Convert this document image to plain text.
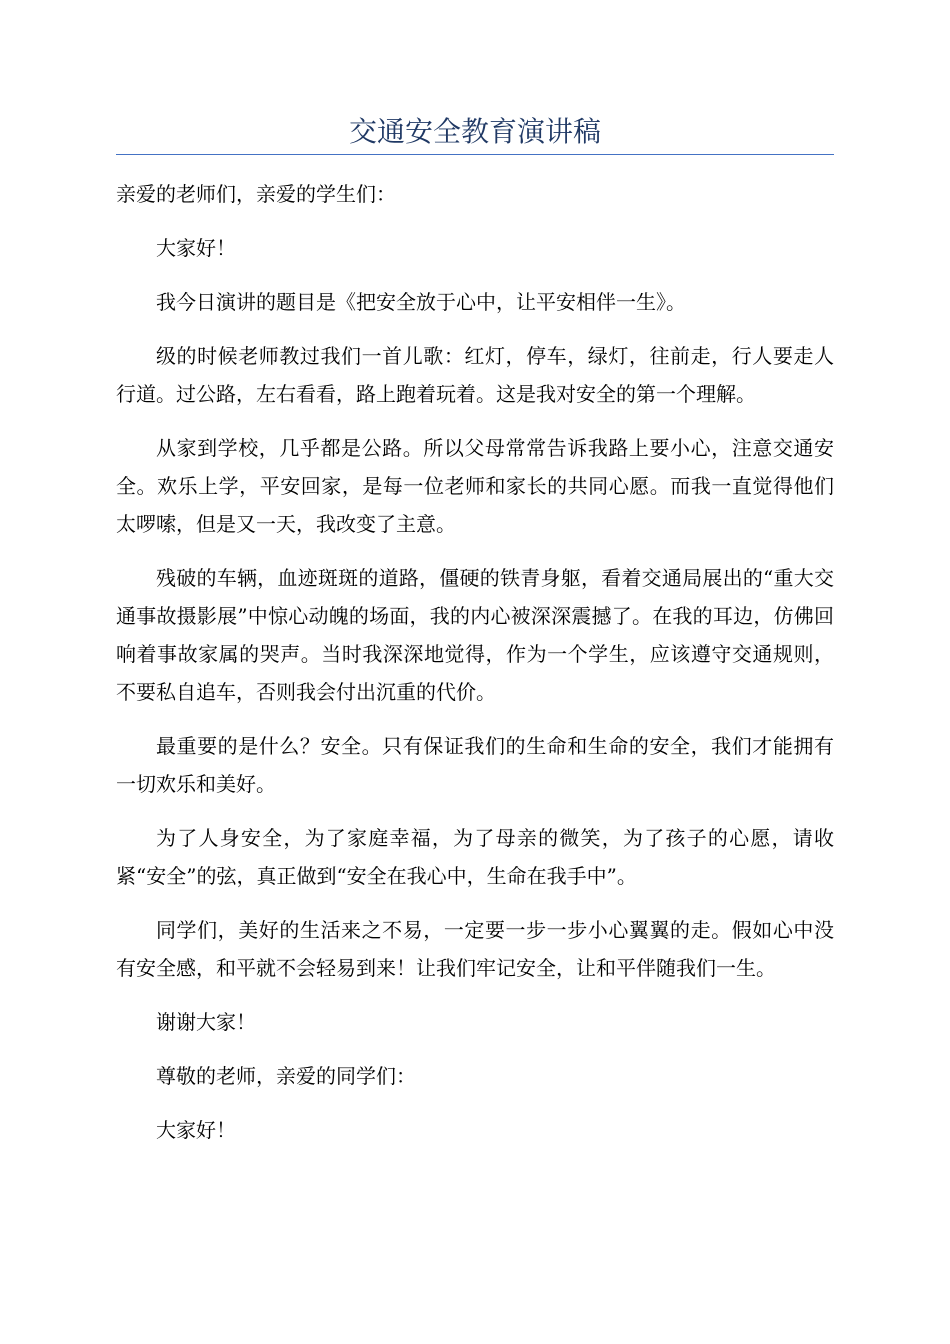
交通安全教育演讲稿

亲爱的老师们，亲爱的学生们：

大家好！

我今日演讲的题目是《把安全放于心中，让平安相伴一生》。

级的时候老师教过我们一首儿歌：红灯，停车，绿灯，往前走，行人要走人行道。过公路，左右看看，路上跑着玩着。这是我对安全的第一个理解。

从家到学校，几乎都是公路。所以父母常常告诉我路上要小心，注意交通安全。欢乐上学，平安回家，是每一位老师和家长的共同心愿。而我一直觉得他们太啰嗦，但是又一天，我改变了主意。

残破的车辆，血迹斑斑的道路，僵硬的铁青身躯，看着交通局展出的“重大交通事故摄影展”中惊心动魄的场面，我的内心被深深震撼了。在我的耳边，仿佛回响着事故家属的哭声。当时我深深地觉得，作为一个学生，应该遵守交通规则，不要私自追车，否则我会付出沉重的代价。

最重要的是什么？安全。只有保证我们的生命和生命的安全，我们才能拥有一切欢乐和美好。

为了人身安全，为了家庭幸福，为了母亲的微笑，为了孩子的心愿，请收紧“安全”的弦，真正做到“安全在我心中，生命在我手中”。

同学们，美好的生活来之不易，一定要一步一步小心翼翼的走。假如心中没有安全感，和平就不会轻易到来！让我们牢记安全，让和平伴随我们一生。

谢谢大家！

尊敬的老师，亲爱的同学们：

大家好！
